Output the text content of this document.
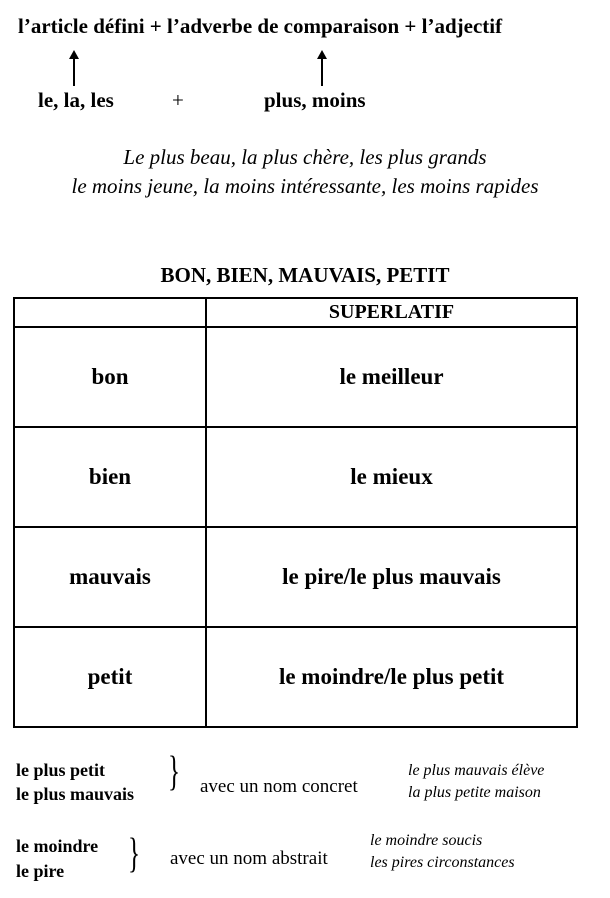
l’article défini + l’adverbe de comparaison + l’adjectif
le, la, les	+	plus, moins
Le plus beau, la plus chère, les plus grands
le moins jeune, la moins intéressante, les moins rapides
BON, BIEN, MAUVAIS, PETIT
	SUPERLATIF
bon	le meilleur
bien	le mieux
mauvais	le pire/le plus mauvais
petit	le moindre/le plus petit
le plus petit
le plus mauvais } avec un nom concret
le plus mauvais élève
la plus petite maison
le moindre
le pire } avec un nom abstrait
le moindre soucis
les pires circonstances
